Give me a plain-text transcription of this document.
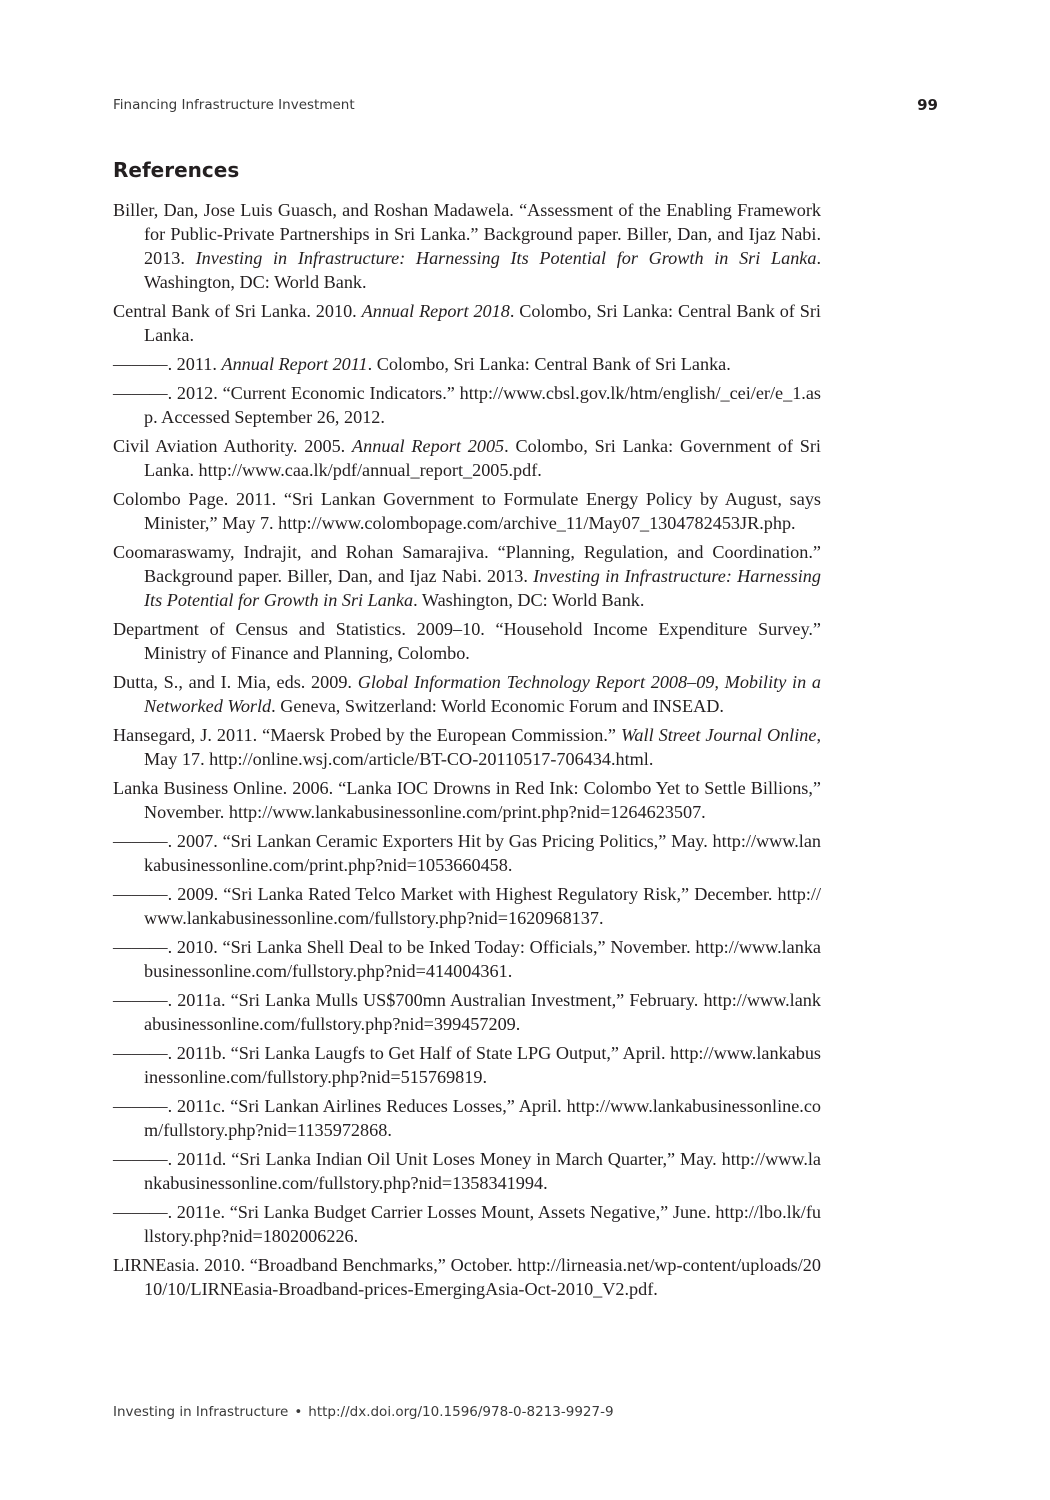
Financing Infrastructure Investment	99
References
Biller, Dan, Jose Luis Guasch, and Roshan Madawela. “Assessment of the Enabling Framework for Public-Private Partnerships in Sri Lanka.” Background paper. Biller, Dan, and Ijaz Nabi. 2013. Investing in Infrastructure: Harnessing Its Potential for Growth in Sri Lanka. Washington, DC: World Bank.
Central Bank of Sri Lanka. 2010. Annual Report 2018. Colombo, Sri Lanka: Central Bank of Sri Lanka.
———. 2011. Annual Report 2011. Colombo, Sri Lanka: Central Bank of Sri Lanka.
———. 2012. “Current Economic Indicators.” http://www.cbsl.gov.lk/htm/english/_cei/er/e_1.asp. Accessed September 26, 2012.
Civil Aviation Authority. 2005. Annual Report 2005. Colombo, Sri Lanka: Government of Sri Lanka. http://www.caa.lk/pdf/annual_report_2005.pdf.
Colombo Page. 2011. “Sri Lankan Government to Formulate Energy Policy by August, says Minister,” May 7. http://www.colombopage.com/archive_11/May07_1304782453JR.php.
Coomaraswamy, Indrajit, and Rohan Samarajiva. “Planning, Regulation, and Coordination.” Background paper. Biller, Dan, and Ijaz Nabi. 2013. Investing in Infrastructure: Harnessing Its Potential for Growth in Sri Lanka. Washington, DC: World Bank.
Department of Census and Statistics. 2009–10. “Household Income Expenditure Survey.” Ministry of Finance and Planning, Colombo.
Dutta, S., and I. Mia, eds. 2009. Global Information Technology Report 2008–09, Mobility in a Networked World. Geneva, Switzerland: World Economic Forum and INSEAD.
Hansegard, J. 2011. “Maersk Probed by the European Commission.” Wall Street Journal Online, May 17. http://online.wsj.com/article/BT-CO-20110517-706434.html.
Lanka Business Online. 2006. “Lanka IOC Drowns in Red Ink: Colombo Yet to Settle Billions,” November. http://www.lankabusinessonline.com/print.php?nid=1264623507.
———. 2007. “Sri Lankan Ceramic Exporters Hit by Gas Pricing Politics,” May. http://www.lankabusinessonline.com/print.php?nid=1053660458.
———. 2009. “Sri Lanka Rated Telco Market with Highest Regulatory Risk,” December. http://www.lankabusinessonline.com/fullstory.php?nid=1620968137.
———. 2010. “Sri Lanka Shell Deal to be Inked Today: Officials,” November. http://www.lankabusinessonline.com/fullstory.php?nid=414004361.
———. 2011a. “Sri Lanka Mulls US$700mn Australian Investment,” February. http://www.lankabusinessonline.com/fullstory.php?nid=399457209.
———. 2011b. “Sri Lanka Laugfs to Get Half of State LPG Output,” April. http://www.lankabusinessonline.com/fullstory.php?nid=515769819.
———. 2011c. “Sri Lankan Airlines Reduces Losses,” April. http://www.lankabusinessonline.com/fullstory.php?nid=1135972868.
———. 2011d. “Sri Lanka Indian Oil Unit Loses Money in March Quarter,” May. http://www.lankabusinessonline.com/fullstory.php?nid=1358341994.
———. 2011e. “Sri Lanka Budget Carrier Losses Mount, Assets Negative,” June. http://lbo.lk/fullstory.php?nid=1802006226.
LIRNEasia. 2010. “Broadband Benchmarks,” October. http://lirneasia.net/wp-content/uploads/2010/10/LIRNEasia-Broadband-prices-EmergingAsia-Oct-2010_V2.pdf.
Investing in Infrastructure • http://dx.doi.org/10.1596/978-0-8213-9927-9
